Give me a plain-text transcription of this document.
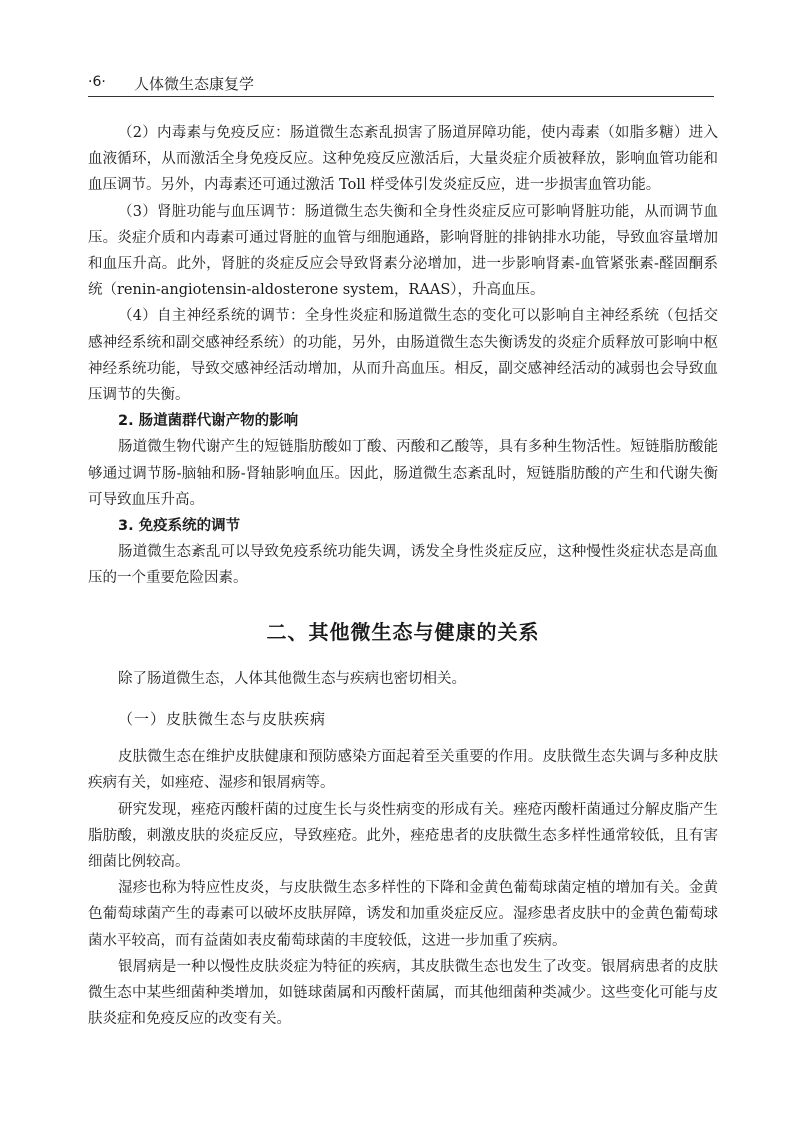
·6· 人体微生态康复学

（2）内毒素与免疫反应：肠道微生态紊乱损害了肠道屏障功能，使内毒素（如脂多糖）进入血液循环，从而激活全身免疫反应。这种免疫反应激活后，大量炎症介质被释放，影响血管功能和血压调节。另外，内毒素还可通过激活 Toll 样受体引发炎症反应，进一步损害血管功能。

（3）肾脏功能与血压调节：肠道微生态失衡和全身性炎症反应可影响肾脏功能，从而调节血压。炎症介质和内毒素可通过肾脏的血管与细胞通路，影响肾脏的排钠排水功能，导致血容量增加和血压升高。此外，肾脏的炎症反应会导致肾素分泌增加，进一步影响肾素-血管紧张素-醛固酮系统（renin-angiotensin-aldosterone system，RAAS），升高血压。

（4）自主神经系统的调节：全身性炎症和肠道微生态的变化可以影响自主神经系统（包括交感神经系统和副交感神经系统）的功能，另外，由肠道微生态失衡诱发的炎症介质释放可影响中枢神经系统功能，导致交感神经活动增加，从而升高血压。相反，副交感神经活动的减弱也会导致血压调节的失衡。

2. 肠道菌群代谢产物的影响

肠道微生物代谢产生的短链脂肪酸如丁酸、丙酸和乙酸等，具有多种生物活性。短链脂肪酸能够通过调节肠-脑轴和肠-肾轴影响血压。因此，肠道微生态紊乱时，短链脂肪酸的产生和代谢失衡可导致血压升高。

3. 免疫系统的调节

肠道微生态紊乱可以导致免疫系统功能失调，诱发全身性炎症反应，这种慢性炎症状态是高血压的一个重要危险因素。

二、其他微生态与健康的关系

除了肠道微生态，人体其他微生态与疾病也密切相关。

（一）皮肤微生态与皮肤疾病

皮肤微生态在维护皮肤健康和预防感染方面起着至关重要的作用。皮肤微生态失调与多种皮肤疾病有关，如痤疮、湿疹和银屑病等。

研究发现，痤疮丙酸杆菌的过度生长与炎性病变的形成有关。痤疮丙酸杆菌通过分解皮脂产生脂肪酸，刺激皮肤的炎症反应，导致痤疮。此外，痤疮患者的皮肤微生态多样性通常较低，且有害细菌比例较高。

湿疹也称为特应性皮炎，与皮肤微生态多样性的下降和金黄色葡萄球菌定植的增加有关。金黄色葡萄球菌产生的毒素可以破坏皮肤屏障，诱发和加重炎症反应。湿疹患者皮肤中的金黄色葡萄球菌水平较高，而有益菌如表皮葡萄球菌的丰度较低，这进一步加重了疾病。

银屑病是一种以慢性皮肤炎症为特征的疾病，其皮肤微生态也发生了改变。银屑病患者的皮肤微生态中某些细菌种类增加，如链球菌属和丙酸杆菌属，而其他细菌种类减少。这些变化可能与皮肤炎症和免疫反应的改变有关。
